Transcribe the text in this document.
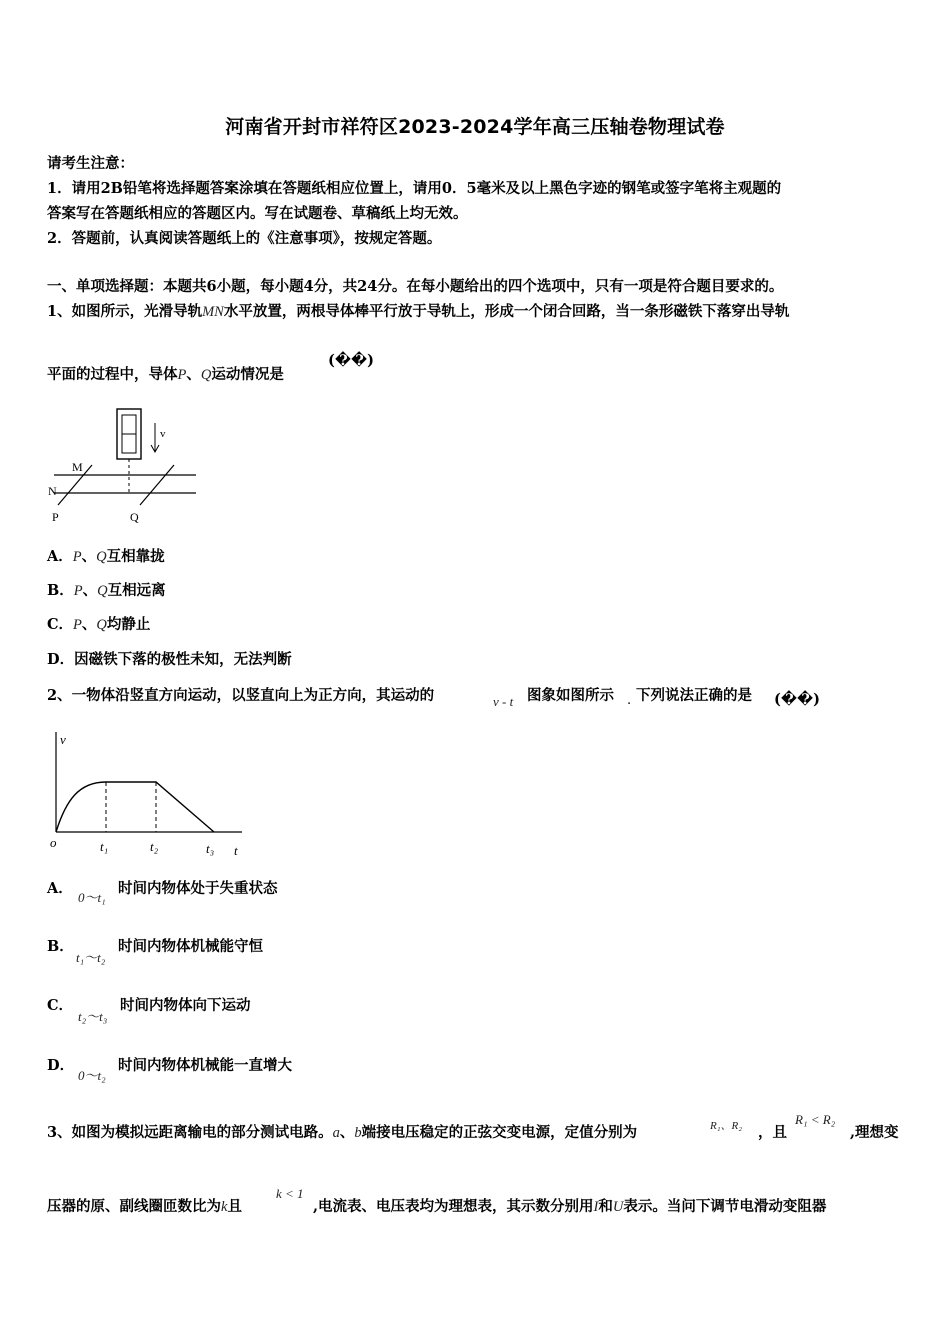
河南省开封市祥符区2023-2024学年高三压轴卷物理试卷
请考生注意：
1．请用2B铅笔将选择题答案涂填在答题纸相应位置上，请用0．5毫米及以上黑色字迹的钢笔或签字笔将主观题的
答案写在答题纸相应的答题区内。写在试题卷、草稿纸上均无效。
2．答题前，认真阅读答题纸上的《注意事项》，按规定答题。
一、单项选择题：本题共6小题，每小题4分，共24分。在每小题给出的四个选项中，只有一项是符合题目要求的。
1、如图所示，光滑导轨MN水平放置，两根导体棒平行放于导轨上，形成一个闭合回路，当一条形磁铁下落穿出导轨
平面的过程中，导体P、Q运动情况是
(��)
v
M
N
P	Q
A．P、Q互相靠拢
B．P、Q互相远离
C．P、Q均静止
D．因磁铁下落的极性未知，无法判断
2、一物体沿竖直方向运动，以竖直向上为正方向，其运动的	v - t 图象如图所示 . 下列说法正确的是 (��)
v
o
t
t₁	t₂	t₃
A．
0～t₁
时间内物体处于失重状态
B．
t₁～t₂
时间内物体机械能守恒
C．
t₂～t₃
时间内物体向下运动
D．
0～t₂
时间内物体机械能一直增大
3、如图为模拟远距离输电的部分测试电路。a、b端接电压稳定的正弦交变电源，定值分别为	R₁、R₂ ，且
R₁ < R₂
,理想变
压器的原、副线圈匝数比为k且
k < 1
,电流表、电压表均为理想表，其示数分别用I和U表示。当问下调节电滑动变阻器
